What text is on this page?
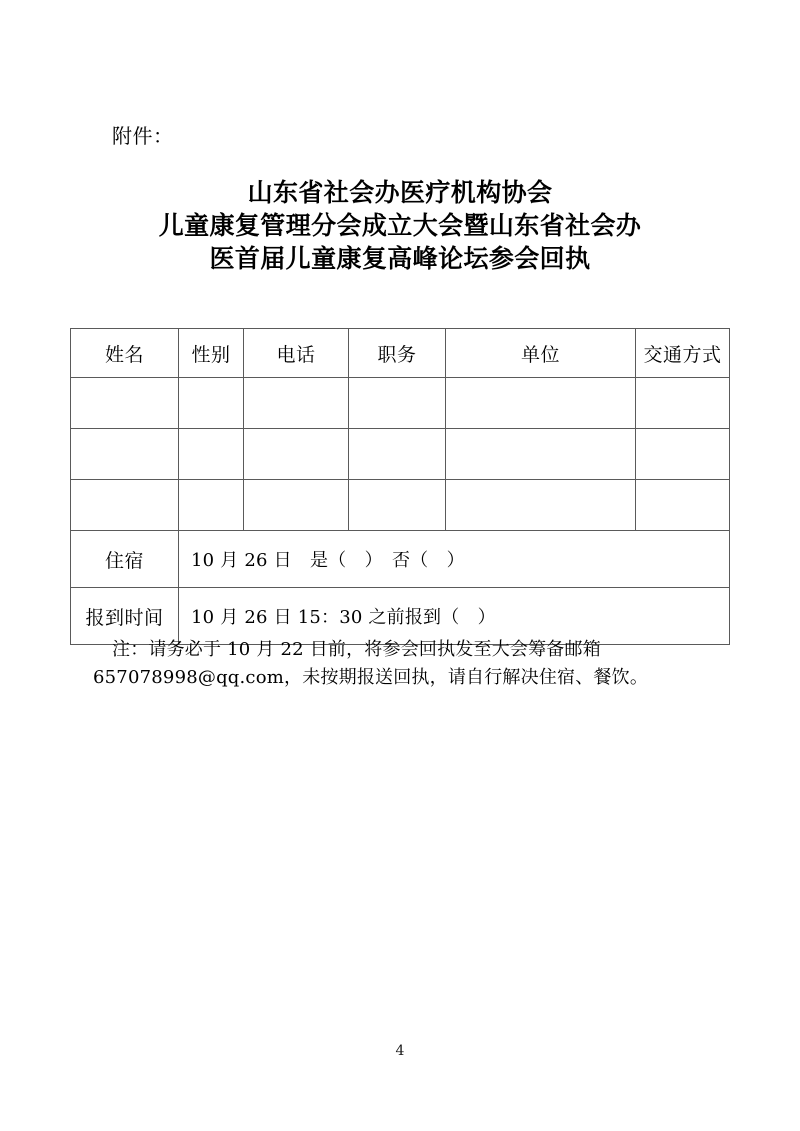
附件：
山东省社会办医疗机构协会
儿童康复管理分会成立大会暨山东省社会办
医首届儿童康复高峰论坛参会回执
姓名	性别	电话	职务	单位	交通方式

住宿	10 月 26 日　是（　）　否（　）				
报到时间	10 月 26 日 15：30 之前报到（　）				
注：请务必于 10 月 22 日前，将参会回执发至大会筹备邮箱
657078998@qq.com，未按期报送回执，请自行解决住宿、餐饮。
4
